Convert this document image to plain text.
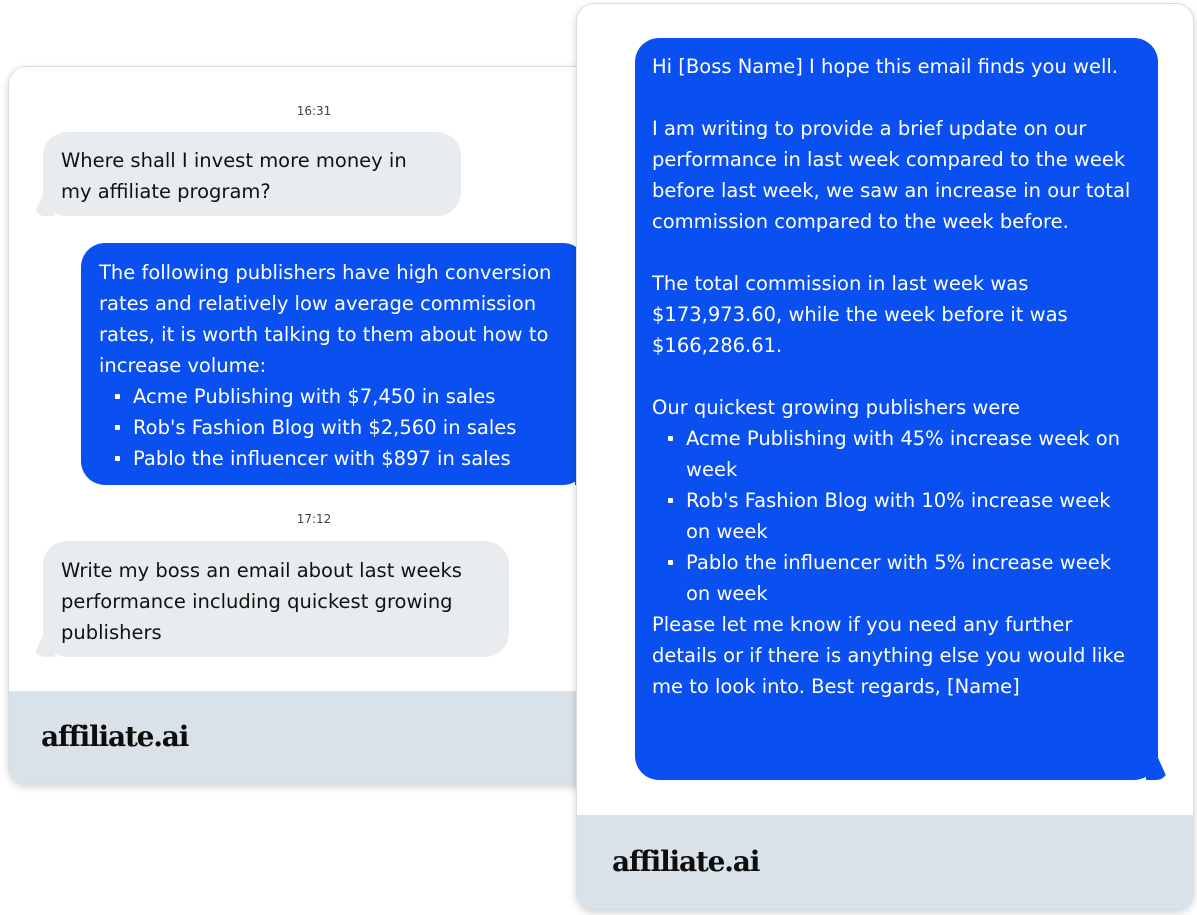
16:31

Where shall I invest more money in my affiliate program?

The following publishers have high conversion rates and relatively low average commission rates, it is worth talking to them about how to increase volume:

Acme Publishing with $7,450 in sales
Rob's Fashion Blog with $2,560 in sales
Pablo the influencer with $897 in sales
17:12

Write my boss an email about last weeks performance including quickest growing publishers

affiliate.ai

Hi [Boss Name] I hope this email finds you well.

I am writing to provide a brief update on our performance in last week compared to the week before last week, we saw an increase in our total commission compared to the week before.

The total commission in last week was $173,973.60, while the week before it was $166,286.61.

Our quickest growing publishers were

Acme Publishing with 45% increase week on week
Rob's Fashion Blog with 10% increase week on week
Pablo the influencer with 5% increase week on week

Please let me know if you need any further details or if there is anything else you would like me to look into. Best regards, [Name]

affiliate.ai
